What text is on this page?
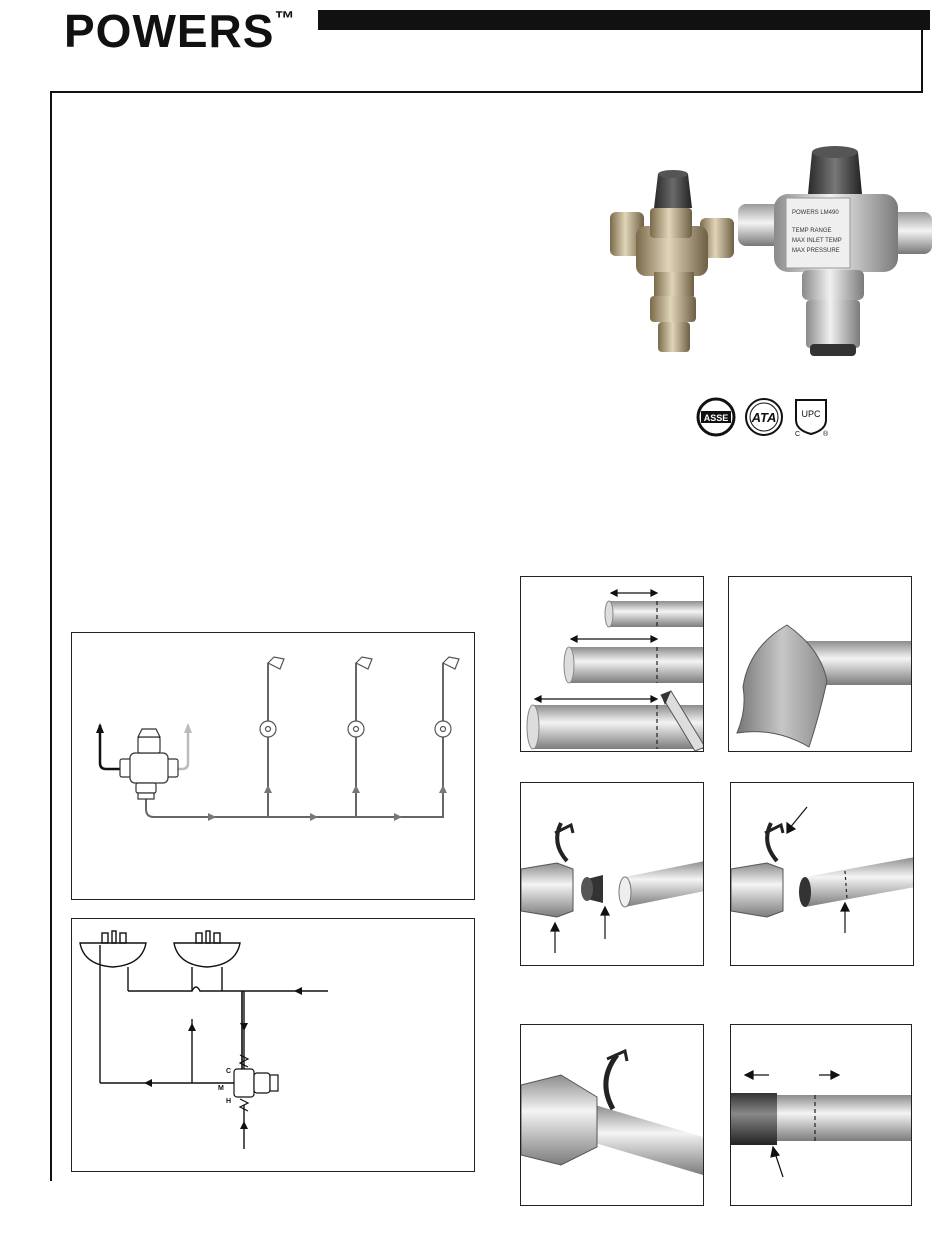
POWERS™
POWERS LM490
TEMP RANGE
MAX INLET TEMP
MAX PRESSURE
ASSE ATA	UPC
C	®
C
M
H
